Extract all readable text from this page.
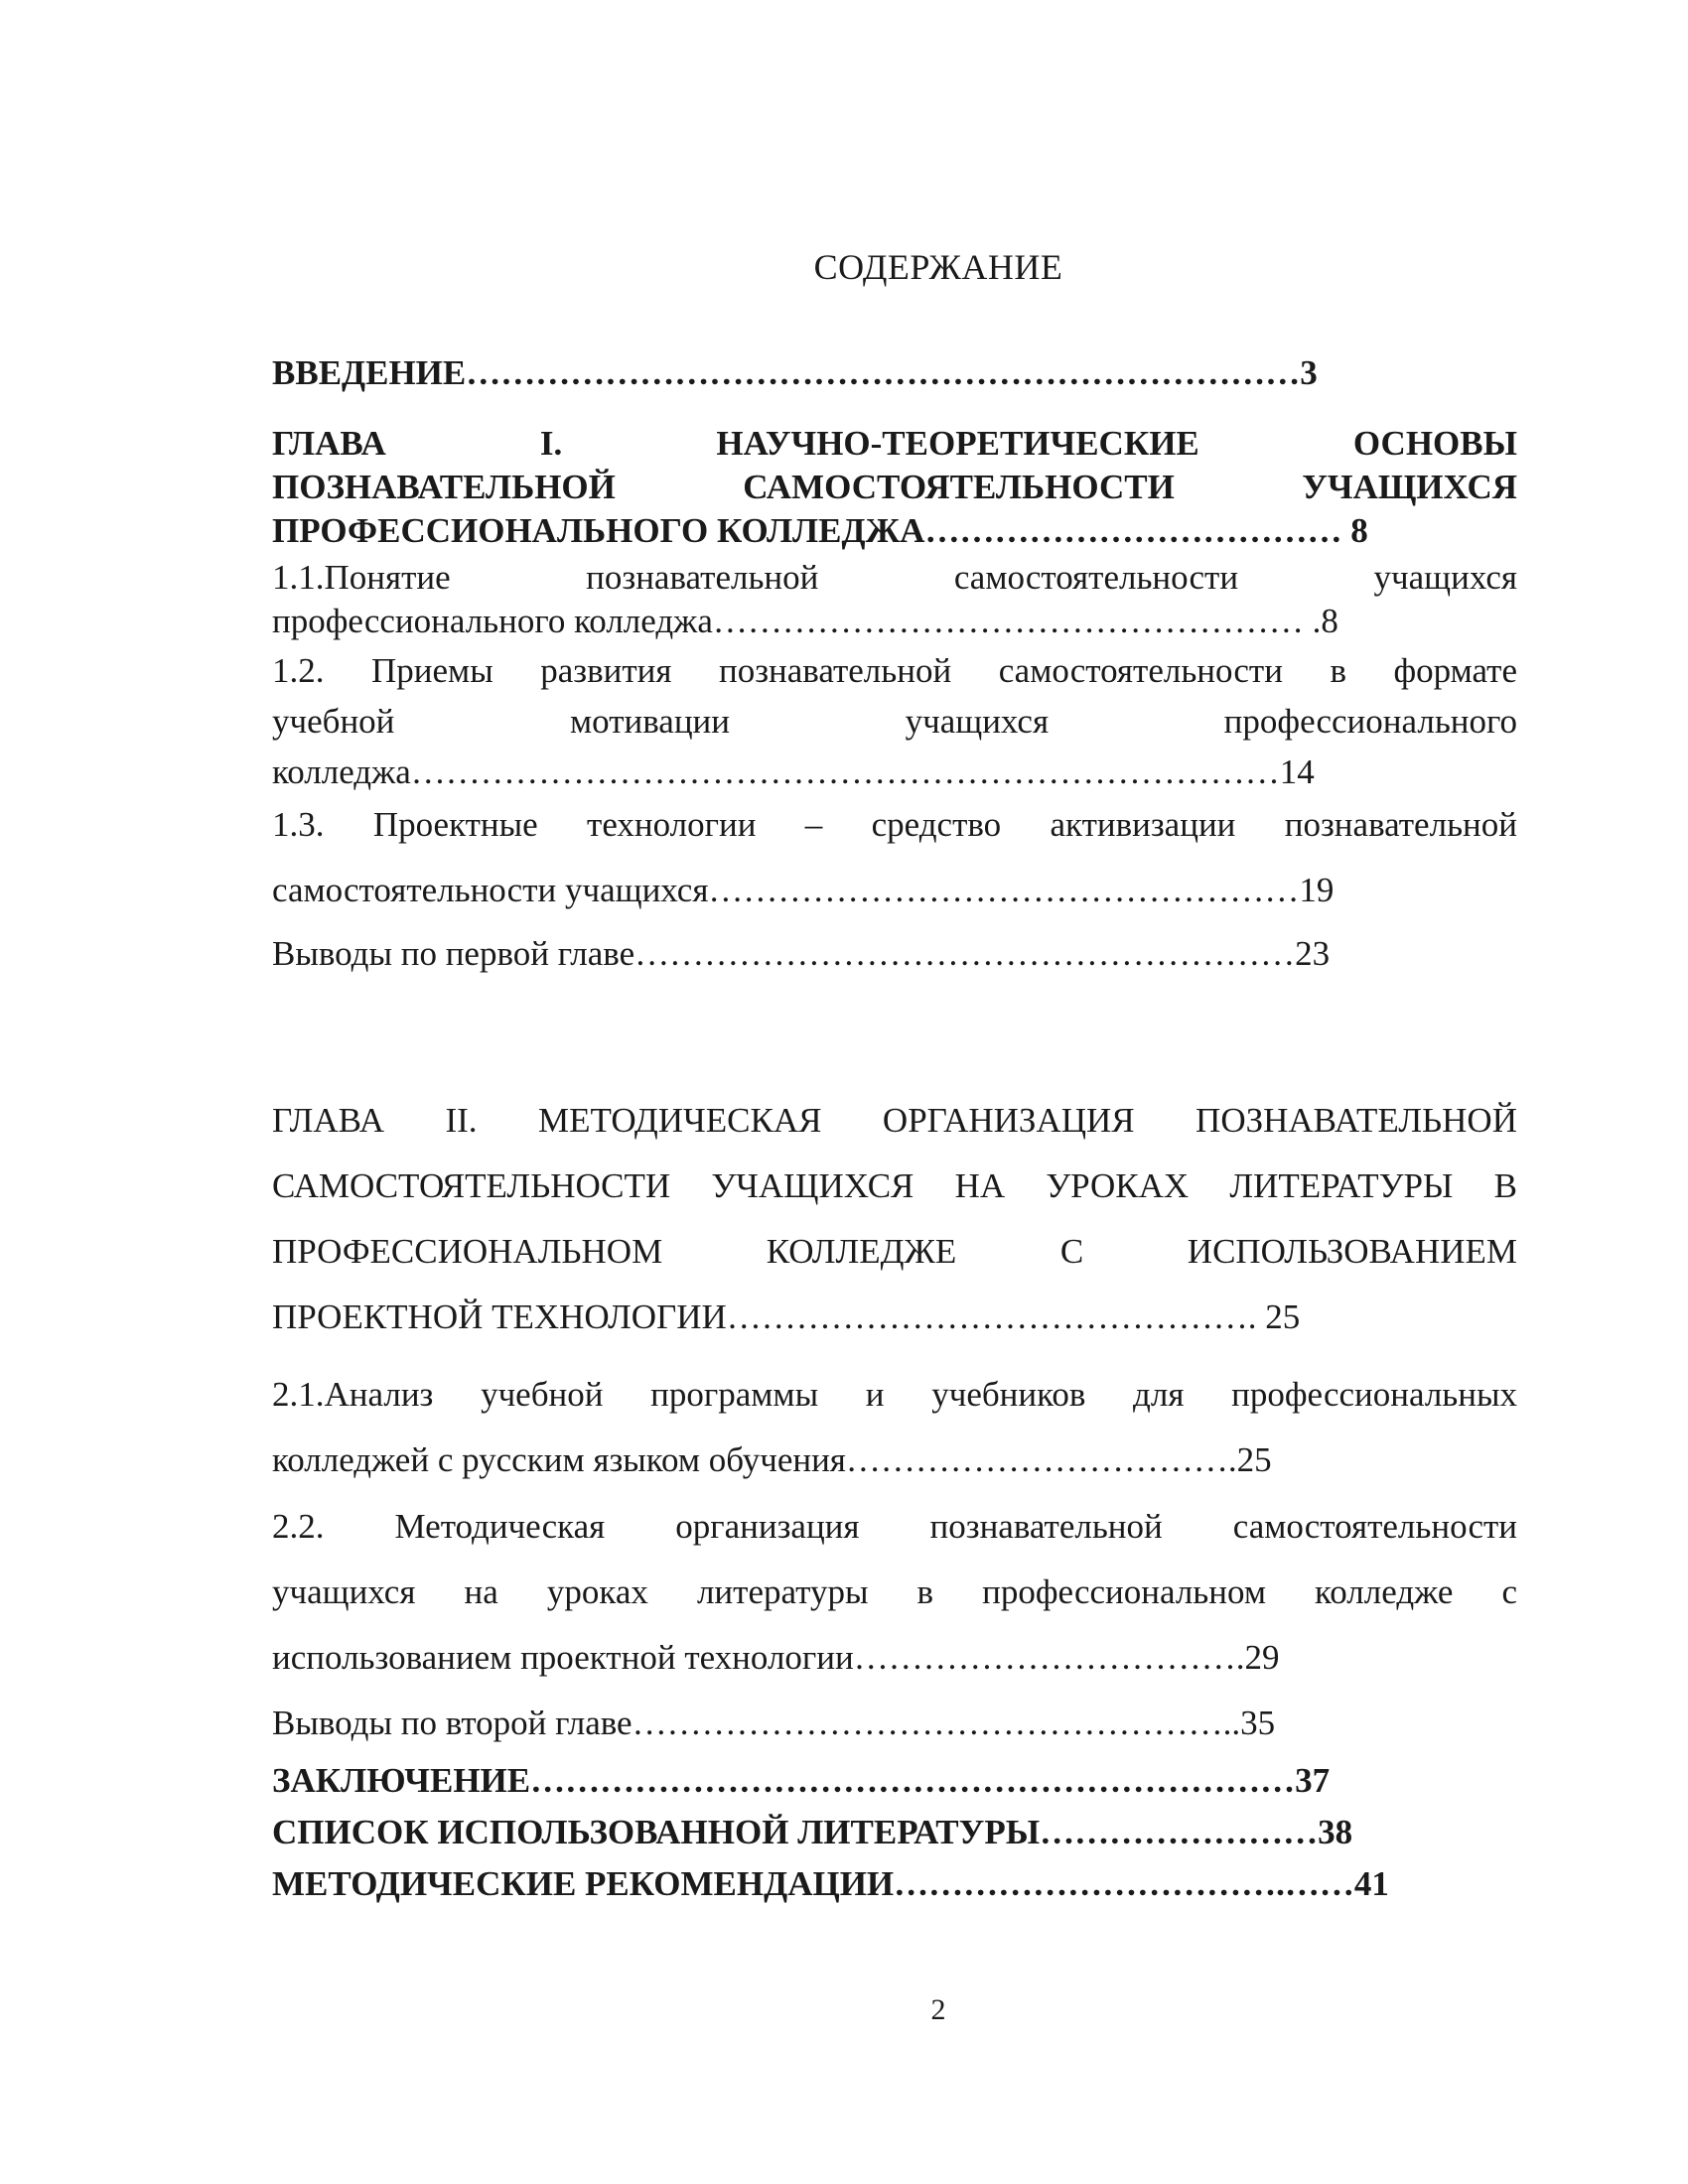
СОДЕРЖАНИЕ
ВВЕДЕНИЕ………………………………………………………………3
ГЛАВА I. НАУЧНО-ТЕОРЕТИЧЕСКИЕ ОСНОВЫ
ПОЗНАВАТЕЛЬНОЙ САМОСТОЯТЕЛЬНОСТИ УЧАЩИХСЯ
ПРОФЕССИОНАЛЬНОГО КОЛЛЕДЖА……………………………… 8
1.1.Понятие познавательной самостоятельности учащихся
профессионального колледжа…………………………………………… .8
1.2. Приемы развития познавательной самостоятельности в формате
учебной мотивации учащихся профессионального
колледжа…………………………………………………………………14
1.3. Проектные технологии – средство активизации познавательной
самостоятельности учащихся……………………………………………19
Выводы по первой главе…………………………………………………23
ГЛАВА II. МЕТОДИЧЕСКАЯ ОРГАНИЗАЦИЯ ПОЗНАВАТЕЛЬНОЙ
САМОСТОЯТЕЛЬНОСТИ УЧАЩИХСЯ НА УРОКАХ ЛИТЕРАТУРЫ В
ПРОФЕССИОНАЛЬНОМ КОЛЛЕДЖЕ С ИСПОЛЬЗОВАНИЕМ
ПРОЕКТНОЙ ТЕХНОЛОГИИ………………………………………. 25
2.1.Анализ учебной программы и учебников для профессиональных
колледжей с русским языком обучения…………………………….25
2.2. Методическая организация познавательной самостоятельности
учащихся на уроках литературы в профессиональном колледже с
использованием проектной технологии…………………………….29
Выводы по второй главе……………………………………………..35
ЗАКЛЮЧЕНИЕ…………………………………………………………37
СПИСОК ИСПОЛЬЗОВАННОЙ ЛИТЕРАТУРЫ……………………38
МЕТОДИЧЕСКИЕ РЕКОМЕНДАЦИИ…………………………….……41
2
